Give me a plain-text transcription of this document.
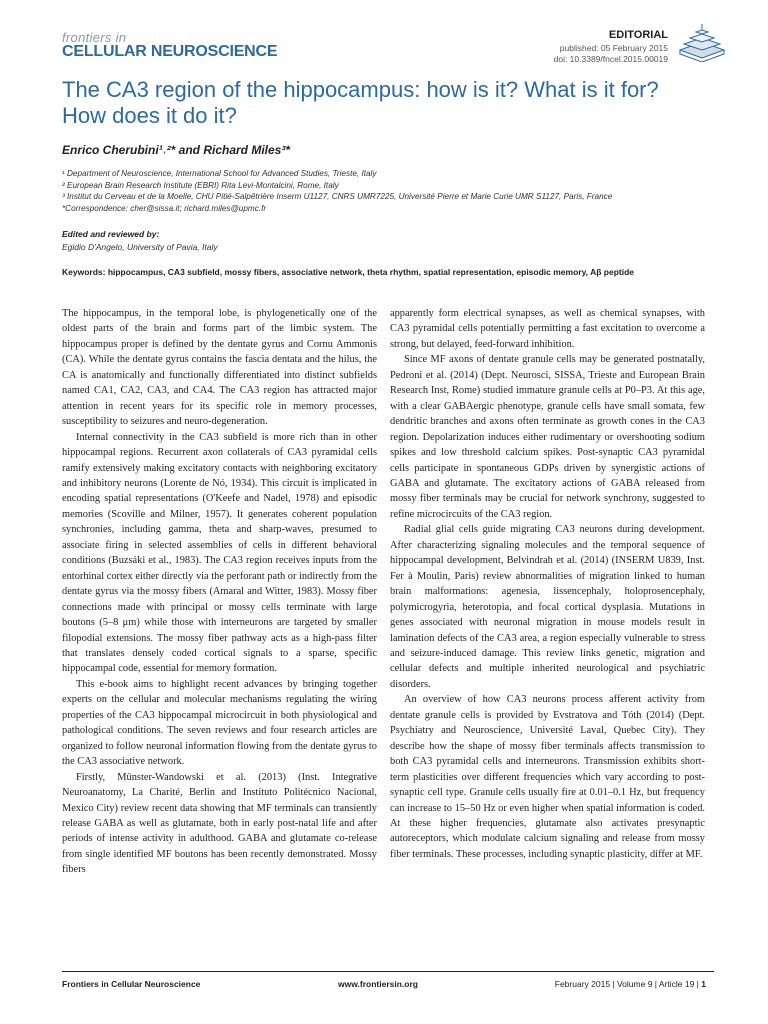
frontiers in
CELLULAR NEUROSCIENCE
EDITORIAL
published: 05 February 2015
doi: 10.3389/fncel.2015.00019
The CA3 region of the hippocampus: how is it? What is it for? How does it do it?
Enrico Cherubini¹˒²* and Richard Miles³*
¹ Department of Neuroscience, International School for Advanced Studies, Trieste, Italy
² European Brain Research Institute (EBRI) Rita Levi-Montalcini, Rome, Italy
³ Institut du Cerveau et de la Moelle, CHU Pitié-Salpêtrière Inserm U1127, CNRS UMR7225, Université Pierre et Marie Curie UMR S1127, Paris, France
*Correspondence: cher@sissa.it; richard.miles@upmc.fr
Edited and reviewed by:
Egidio D'Angelo, University of Pavia, Italy
Keywords: hippocampus, CA3 subfield, mossy fibers, associative network, theta rhythm, spatial representation, episodic memory, Aβ peptide

The hippocampus, in the temporal lobe, is phylogenetically one of the oldest parts of the brain and forms part of the limbic system. The hippocampus proper is defined by the dentate gyrus and Cornu Ammonis (CA). While the dentate gyrus contains the fascia dentata and the hilus, the CA is anatomically and functionally differentiated into distinct subfields named CA1, CA2, CA3, and CA4. The CA3 region has attracted major attention in recent years for its specific role in memory processes, susceptibility to seizures and neuro-degeneration.

Internal connectivity in the CA3 subfield is more rich than in other hippocampal regions. Recurrent axon collaterals of CA3 pyramidal cells ramify extensively making excitatory contacts with neighboring excitatory and inhibitory neurons (Lorente de Nó, 1934). This circuit is implicated in encoding spatial representations (O'Keefe and Nadel, 1978) and episodic memories (Scoville and Milner, 1957). It generates coherent population synchronies, including gamma, theta and sharp-waves, presumed to associate firing in selected assemblies of cells in different behavioral conditions (Buzsáki et al., 1983). The CA3 region receives inputs from the entorhinal cortex either directly via the perforant path or indirectly from the dentate gyrus via the mossy fibers (Amaral and Witter, 1983). Mossy fiber connections made with principal or mossy cells terminate with large boutons (5–8 μm) while those with interneurons are targeted by smaller filopodial extensions. The mossy fiber pathway acts as a high-pass filter that translates densely coded cortical signals to a sparse, specific hippocampal code, essential for memory formation.

This e-book aims to highlight recent advances by bringing together experts on the cellular and molecular mechanisms regulating the wiring properties of the CA3 hippocampal microcircuit in both physiological and pathological conditions. The seven reviews and four research articles are organized to follow neuronal information flowing from the dentate gyrus to the CA3 associative network.

Firstly, Münster-Wandowski et al. (2013) (Inst. Integrative Neuroanatomy, La Charité, Berlin and Instituto Politécnico Nacional, Mexico City) review recent data showing that MF terminals can transiently release GABA as well as glutamate, both in early post-natal life and after periods of intense activity in adulthood. GABA and glutamate co-release from single identified MF boutons has been recently demonstrated. Mossy fibers

apparently form electrical synapses, as well as chemical synapses, with CA3 pyramidal cells potentially permitting a fast excitation to overcome a strong, but delayed, feed-forward inhibition.

Since MF axons of dentate granule cells may be generated postnatally, Pedroni et al. (2014) (Dept. Neurosci, SISSA, Trieste and European Brain Research Inst, Rome) studied immature granule cells at P0–P3. At this age, with a clear GABAergic phenotype, granule cells have small somata, few dendritic branches and axons often terminate as growth cones in the CA3 region. Depolarization induces either rudimentary or overshooting sodium spikes and low threshold calcium spikes. Post-synaptic CA3 pyramidal cells participate in spontaneous GDPs driven by synergistic actions of GABA and glutamate. The excitatory actions of GABA released from mossy fiber terminals may be crucial for network synchrony, suggested to refine microcircuits of the CA3 region.

Radial glial cells guide migrating CA3 neurons during development. After characterizing signaling molecules and the temporal sequence of hippocampal development, Belvindrah et al. (2014) (INSERM U839, Inst. Fer à Moulin, Paris) review abnormalities of migration linked to human brain malformations: agenesia, lissencephaly, holoprosencephaly, polymicrogyria, heterotopia, and focal cortical dysplasia. Mutations in genes associated with neuronal migration in mouse models result in lamination defects of the CA3 area, a region especially vulnerable to stress and seizure-induced damage. This review links genetic, migration and cellular defects and multiple inherited neurological and psychiatric disorders.

An overview of how CA3 neurons process afferent activity from dentate granule cells is provided by Evstratova and Tóth (2014) (Dept. Psychiatry and Neuroscience, Université Laval, Quebec City). They describe how the shape of mossy fiber terminals affects transmission to both CA3 pyramidal cells and interneurons. Transmission exhibits short-term plasticities over different frequencies which vary according to post-synaptic cell type. Granule cells usually fire at 0.01–0.1 Hz, but frequency can increase to 15–50 Hz or even higher when spatial information is coded. At these higher frequencies, glutamate also activates presynaptic autoreceptors, which modulate calcium signaling and release from mossy fiber terminals. These processes, including synaptic plasticity, differ at MF.

Frontiers in Cellular Neuroscience	www.frontiersin.org	February 2015 | Volume 9 | Article 19 | 1
